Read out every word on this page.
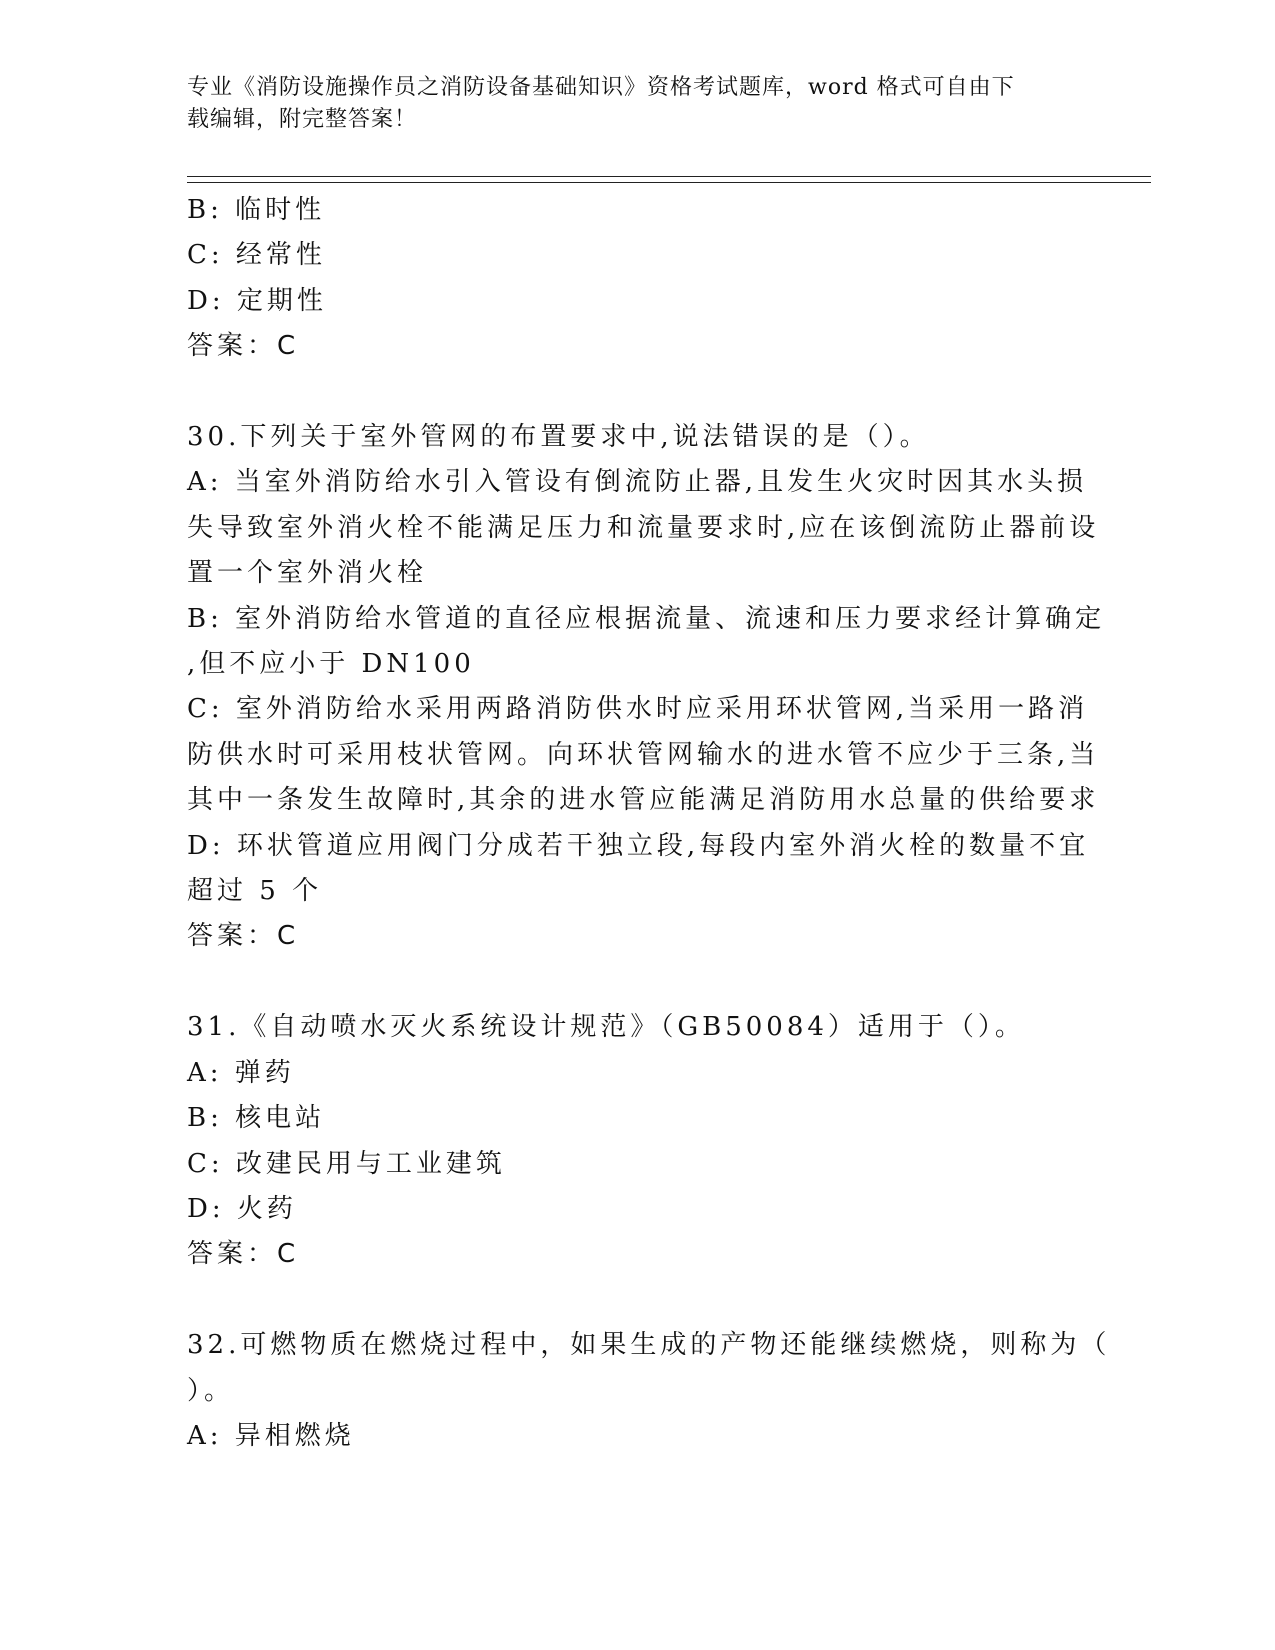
专业《消防设施操作员之消防设备基础知识》资格考试题库，word 格式可自由下
载编辑，附完整答案！
B: 临时性
C: 经常性
D: 定期性
答案：C
30.下列关于室外管网的布置要求中,说法错误的是（）。
A: 当室外消防给水引入管设有倒流防止器,且发生火灾时因其水头损
失导致室外消火栓不能满足压力和流量要求时,应在该倒流防止器前设
置一个室外消火栓
B: 室外消防给水管道的直径应根据流量、流速和压力要求经计算确定
,但不应小于 DN100
C: 室外消防给水采用两路消防供水时应采用环状管网,当采用一路消
防供水时可采用枝状管网。向环状管网输水的进水管不应少于三条,当
其中一条发生故障时,其余的进水管应能满足消防用水总量的供给要求
D: 环状管道应用阀门分成若干独立段,每段内室外消火栓的数量不宜
超过 5 个
答案：C
31.《自动喷水灭火系统设计规范》（GB50084）适用于（）。
A: 弹药
B: 核电站
C: 改建民用与工业建筑
D: 火药
答案：C
32.可燃物质在燃烧过程中，如果生成的产物还能继续燃烧，则称为（
）。
A: 异相燃烧
